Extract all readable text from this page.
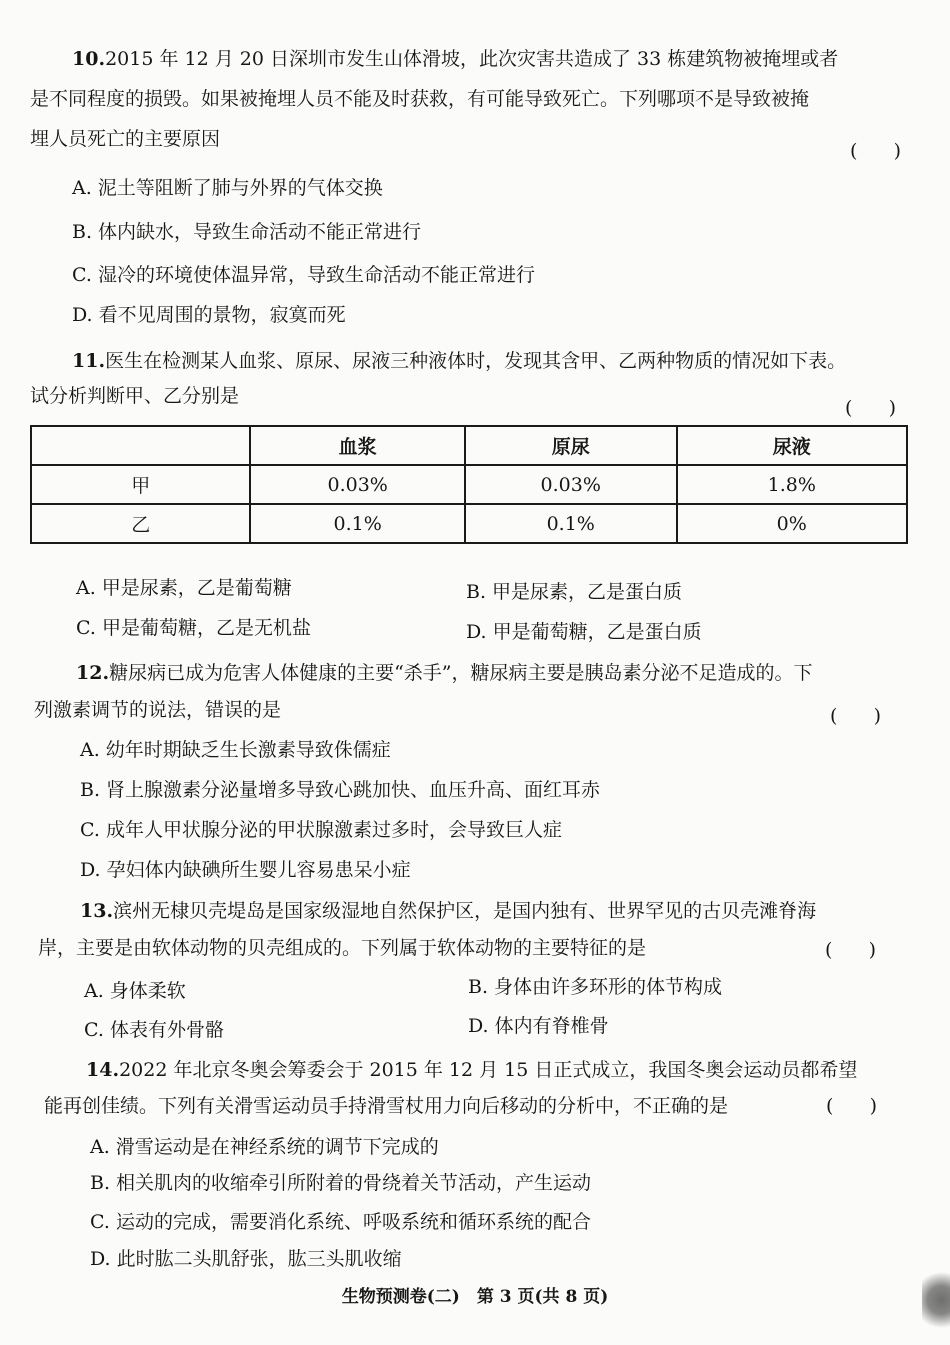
10.2015 年 12 月 20 日深圳市发生山体滑坡，此次灾害共造成了 33 栋建筑物被掩埋或者
是不同程度的损毁。如果被掩埋人员不能及时获救，有可能导致死亡。下列哪项不是导致被掩
埋人员死亡的主要原因
(      )
A. 泥土等阻断了肺与外界的气体交换
B. 体内缺水，导致生命活动不能正常进行
C. 湿冷的环境使体温异常，导致生命活动不能正常进行
D. 看不见周围的景物，寂寞而死
11.医生在检测某人血浆、原尿、尿液三种液体时，发现其含甲、乙两种物质的情况如下表。
试分析判断甲、乙分别是
(      )
	血浆	原尿	尿液
甲	0.03%	0.03%	1.8%
乙	0.1%	0.1%	0%
A. 甲是尿素，乙是葡萄糖	B. 甲是尿素，乙是蛋白质
C. 甲是葡萄糖，乙是无机盐	D. 甲是葡萄糖，乙是蛋白质
12.糖尿病已成为危害人体健康的主要“杀手”，糖尿病主要是胰岛素分泌不足造成的。下
列激素调节的说法，错误的是	(      )
A. 幼年时期缺乏生长激素导致侏儒症
B. 肾上腺激素分泌量增多导致心跳加快、血压升高、面红耳赤
C. 成年人甲状腺分泌的甲状腺激素过多时，会导致巨人症
D. 孕妇体内缺碘所生婴儿容易患呆小症
13.滨州无棣贝壳堤岛是国家级湿地自然保护区，是国内独有、世界罕见的古贝壳滩脊海
岸，主要是由软体动物的贝壳组成的。下列属于软体动物的主要特征的是	(      )
A. 身体柔软	B. 身体由许多环形的体节构成
C. 体表有外骨骼	D. 体内有脊椎骨
14.2022 年北京冬奥会筹委会于 2015 年 12 月 15 日正式成立，我国冬奥会运动员都希望
能再创佳绩。下列有关滑雪运动员手持滑雪杖用力向后移动的分析中，不正确的是	(      )
A. 滑雪运动是在神经系统的调节下完成的
B. 相关肌肉的收缩牵引所附着的骨绕着关节活动，产生运动
C. 运动的完成，需要消化系统、呼吸系统和循环系统的配合
D. 此时肱二头肌舒张，肱三头肌收缩
生物预测卷(二)　第 3 页(共 8 页)
